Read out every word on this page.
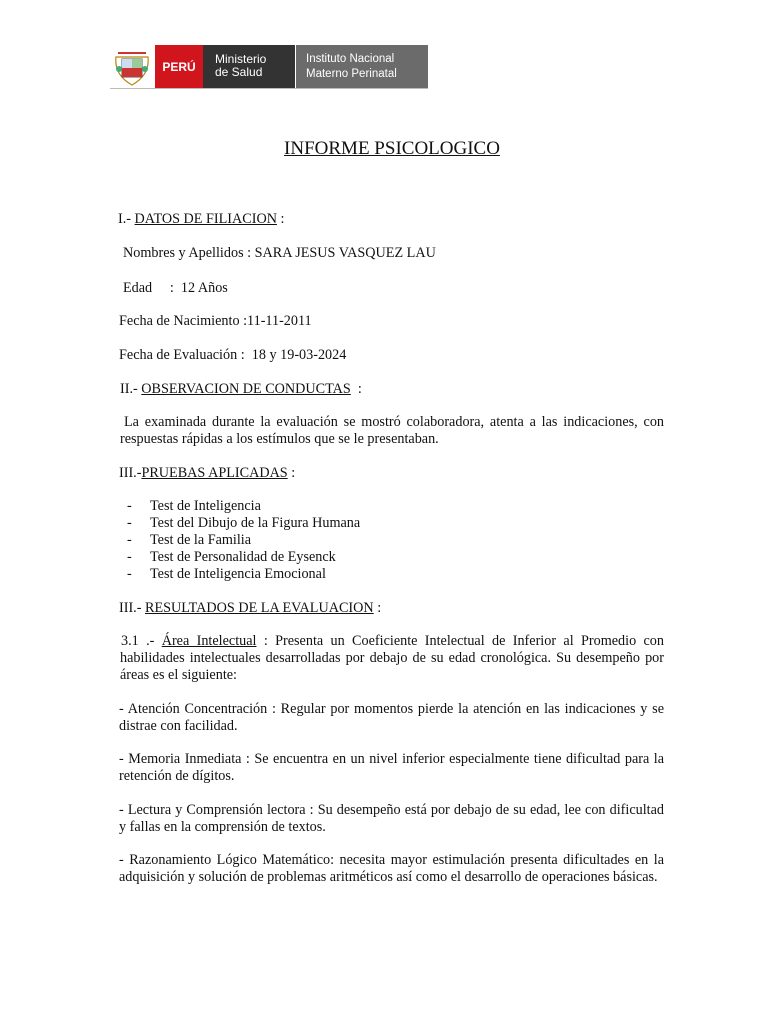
PERÚ
Ministerio
de Salud
Instituto Nacional
Materno Perinatal
INFORME PSICOLOGICO
I.- DATOS DE FILIACION :
Nombres y Apellidos : SARA JESUS VASQUEZ LAU
Edad     :  12 Años
Fecha de Nacimiento :11-11-2011
Fecha de Evaluación :  18 y 19-03-2024
II.- OBSERVACION DE CONDUCTAS  :
La examinada durante la evaluación se mostró colaboradora, atenta a las indicaciones, con respuestas rápidas a los estímulos que se le presentaban.
III.-PRUEBAS APLICADAS :
- Test de Inteligencia
- Test del Dibujo de la Figura Humana
- Test de la Familia
- Test de Personalidad de Eysenck
- Test de Inteligencia Emocional
III.- RESULTADOS DE LA EVALUACION :
3.1 .- Área Intelectual : Presenta un Coeficiente Intelectual de Inferior al Promedio con habilidades intelectuales desarrolladas por debajo de su edad cronológica. Su desempeño por áreas es el siguiente:
- Atención Concentración : Regular por momentos pierde la atención en las indicaciones y se distrae con facilidad.
- Memoria Inmediata : Se encuentra en un nivel inferior especialmente tiene dificultad para la retención de dígitos.
- Lectura y Comprensión lectora : Su desempeño está por debajo de su edad, lee con dificultad y fallas en la comprensión de textos.
- Razonamiento Lógico Matemático: necesita mayor estimulación presenta dificultades en la adquisición y solución de problemas aritméticos así como el desarrollo de operaciones básicas.
